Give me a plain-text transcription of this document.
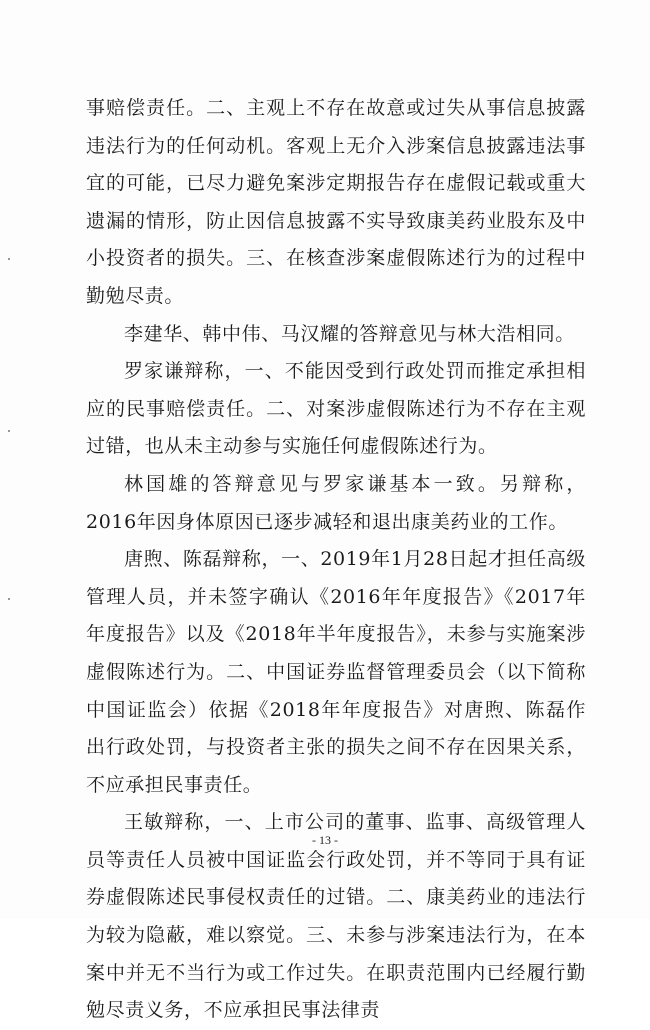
事赔偿责任。二、主观上不存在故意或过失从事信息披露违法行为的任何动机。客观上无介入涉案信息披露违法事宜的可能，已尽力避免案涉定期报告存在虚假记载或重大遗漏的情形，防止因信息披露不实导致康美药业股东及中小投资者的损失。三、在核查涉案虚假陈述行为的过程中勤勉尽责。

李建华、韩中伟、马汉耀的答辩意见与林大浩相同。

罗家谦辩称，一、不能因受到行政处罚而推定承担相应的民事赔偿责任。二、对案涉虚假陈述行为不存在主观过错，也从未主动参与实施任何虚假陈述行为。

林国雄的答辩意见与罗家谦基本一致。另辩称，2016年因身体原因已逐步减轻和退出康美药业的工作。

唐煦、陈磊辩称，一、2019年1月28日起才担任高级管理人员，并未签字确认《2016年年度报告》《2017年年度报告》以及《2018年半年度报告》，未参与实施案涉虚假陈述行为。二、中国证券监督管理委员会（以下简称中国证监会）依据《2018年年度报告》对唐煦、陈磊作出行政处罚，与投资者主张的损失之间不存在因果关系，不应承担民事责任。

王敏辩称，一、上市公司的董事、监事、高级管理人员等责任人员被中国证监会行政处罚，并不等同于具有证券虚假陈述民事侵权责任的过错。二、康美药业的违法行为较为隐蔽，难以察觉。三、未参与涉案违法行为，在本案中并无不当行为或工作过失。在职责范围内已经履行勤勉尽责义务，不应承担民事法律责

- 13 -
